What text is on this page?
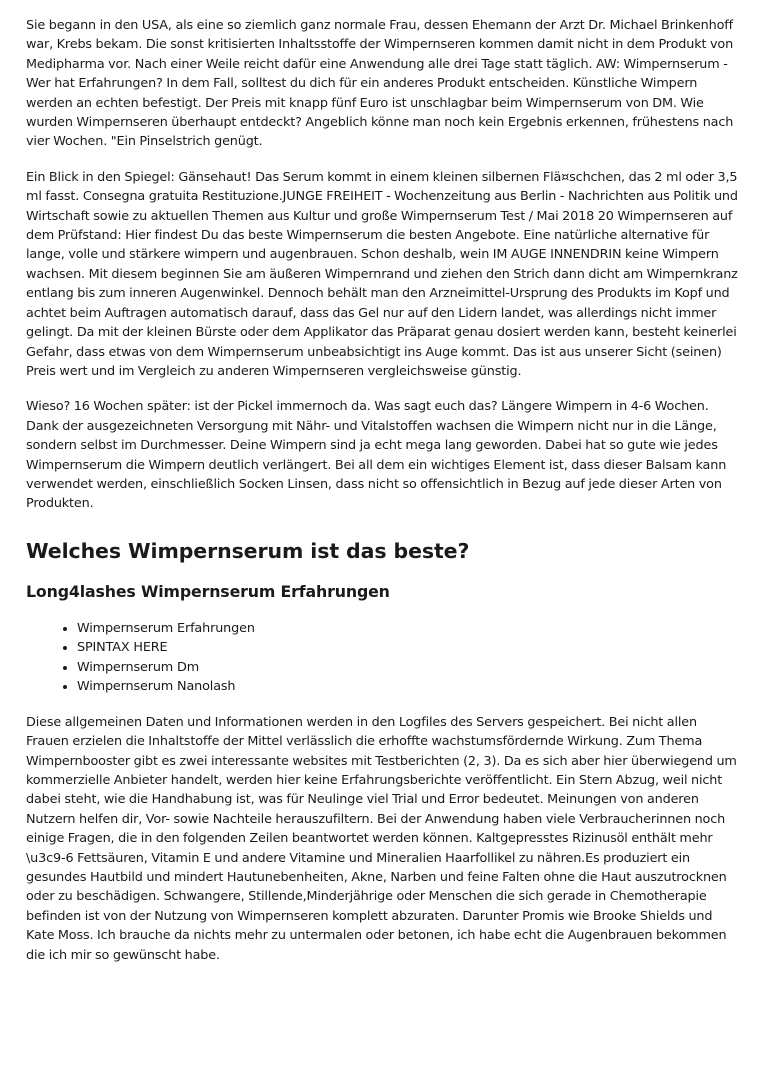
Sie begann in den USA, als eine so ziemlich ganz normale Frau, dessen Ehemann der Arzt Dr. Michael Brinkenhoff war, Krebs bekam. Die sonst kritisierten Inhaltsstoffe der Wimpernseren kommen damit nicht in dem Produkt von Medipharma vor. Nach einer Weile reicht dafür eine Anwendung alle drei Tage statt täglich. AW: Wimpernserum - Wer hat Erfahrungen? In dem Fall, solltest du dich für ein anderes Produkt entscheiden. Künstliche Wimpern werden an echten befestigt. Der Preis mit knapp fünf Euro ist unschlagbar beim Wimpernserum von DM. Wie wurden Wimpernseren überhaupt entdeckt? Angeblich könne man noch kein Ergebnis erkennen, frühestens nach vier Wochen. "Ein Pinselstrich genügt.

Ein Blick in den Spiegel: Gänsehaut! Das Serum kommt in einem kleinen silbernen Flä¤schchen, das 2 ml oder 3,5 ml fasst. Consegna gratuita Restituzione.JUNGE FREIHEIT - Wochenzeitung aus Berlin - Nachrichten aus Politik und Wirtschaft sowie zu aktuellen Themen aus Kultur und große Wimpernserum Test / Mai 2018 20 Wimpernseren auf dem Prüfstand: Hier findest Du das beste Wimpernserum die besten Angebote. Eine natürliche alternative für lange, volle und stärkere wimpern und augenbrauen. Schon deshalb, wein IM AUGE INNENDRIN keine Wimpern wachsen. Mit diesem beginnen Sie am äußeren Wimpernrand und ziehen den Strich dann dicht am Wimpernkranz entlang bis zum inneren Augenwinkel. Dennoch behält man den Arzneimittel-Ursprung des Produkts im Kopf und achtet beim Auftragen automatisch darauf, dass das Gel nur auf den Lidern landet, was allerdings nicht immer gelingt. Da mit der kleinen Bürste oder dem Applikator das Präparat genau dosiert werden kann, besteht keinerlei Gefahr, dass etwas von dem Wimpernserum unbeabsichtigt ins Auge kommt. Das ist aus unserer Sicht (seinen) Preis wert und im Vergleich zu anderen Wimpernseren vergleichsweise günstig.

Wieso? 16 Wochen später: ist der Pickel immernoch da. Was sagt euch das? Längere Wimpern in 4-6 Wochen. Dank der ausgezeichneten Versorgung mit Nähr- und Vitalstoffen wachsen die Wimpern nicht nur in die Länge, sondern selbst im Durchmesser. Deine Wimpern sind ja echt mega lang geworden. Dabei hat so gute wie jedes Wimpernserum die Wimpern deutlich verlängert. Bei all dem ein wichtiges Element ist, dass dieser Balsam kann verwendet werden, einschließlich Socken Linsen, dass nicht so offensichtlich in Bezug auf jede dieser Arten von Produkten.

Welches Wimpernserum ist das beste?
Long4lashes Wimpernserum Erfahrungen
• Wimpernserum Erfahrungen
• SPINTAX HERE
• Wimpernserum Dm
• Wimpernserum Nanolash

Diese allgemeinen Daten und Informationen werden in den Logfiles des Servers gespeichert. Bei nicht allen Frauen erzielen die Inhaltstoffe der Mittel verlässlich die erhoffte wachstumsfördernde Wirkung. Zum Thema Wimpernbooster gibt es zwei interessante websites mit Testberichten (2, 3). Da es sich aber hier überwiegend um kommerzielle Anbieter handelt, werden hier keine Erfahrungsberichte veröffentlicht. Ein Stern Abzug, weil nicht dabei steht, wie die Handhabung ist, was für Neulinge viel Trial und Error bedeutet. Meinungen von anderen Nutzern helfen dir, Vor- sowie Nachteile herauszufiltern. Bei der Anwendung haben viele Verbraucherinnen noch einige Fragen, die in den folgenden Zeilen beantwortet werden können. Kaltgepresstes Rizinusöl enthält mehr \u3c9-6 Fettsäuren, Vitamin E und andere Vitamine und Mineralien Haarfollikel zu nähren.Es produziert ein gesundes Hautbild und mindert Hautunebenheiten, Akne, Narben und feine Falten ohne die Haut auszutrocknen oder zu beschädigen. Schwangere, Stillende,Minderjährige oder Menschen die sich gerade in Chemotherapie befinden ist von der Nutzung von Wimpernseren komplett abzuraten. Darunter Promis wie Brooke Shields und Kate Moss. Ich brauche da nichts mehr zu untermalen oder betonen, ich habe echt die Augenbrauen bekommen die ich mir so gewünscht habe.
